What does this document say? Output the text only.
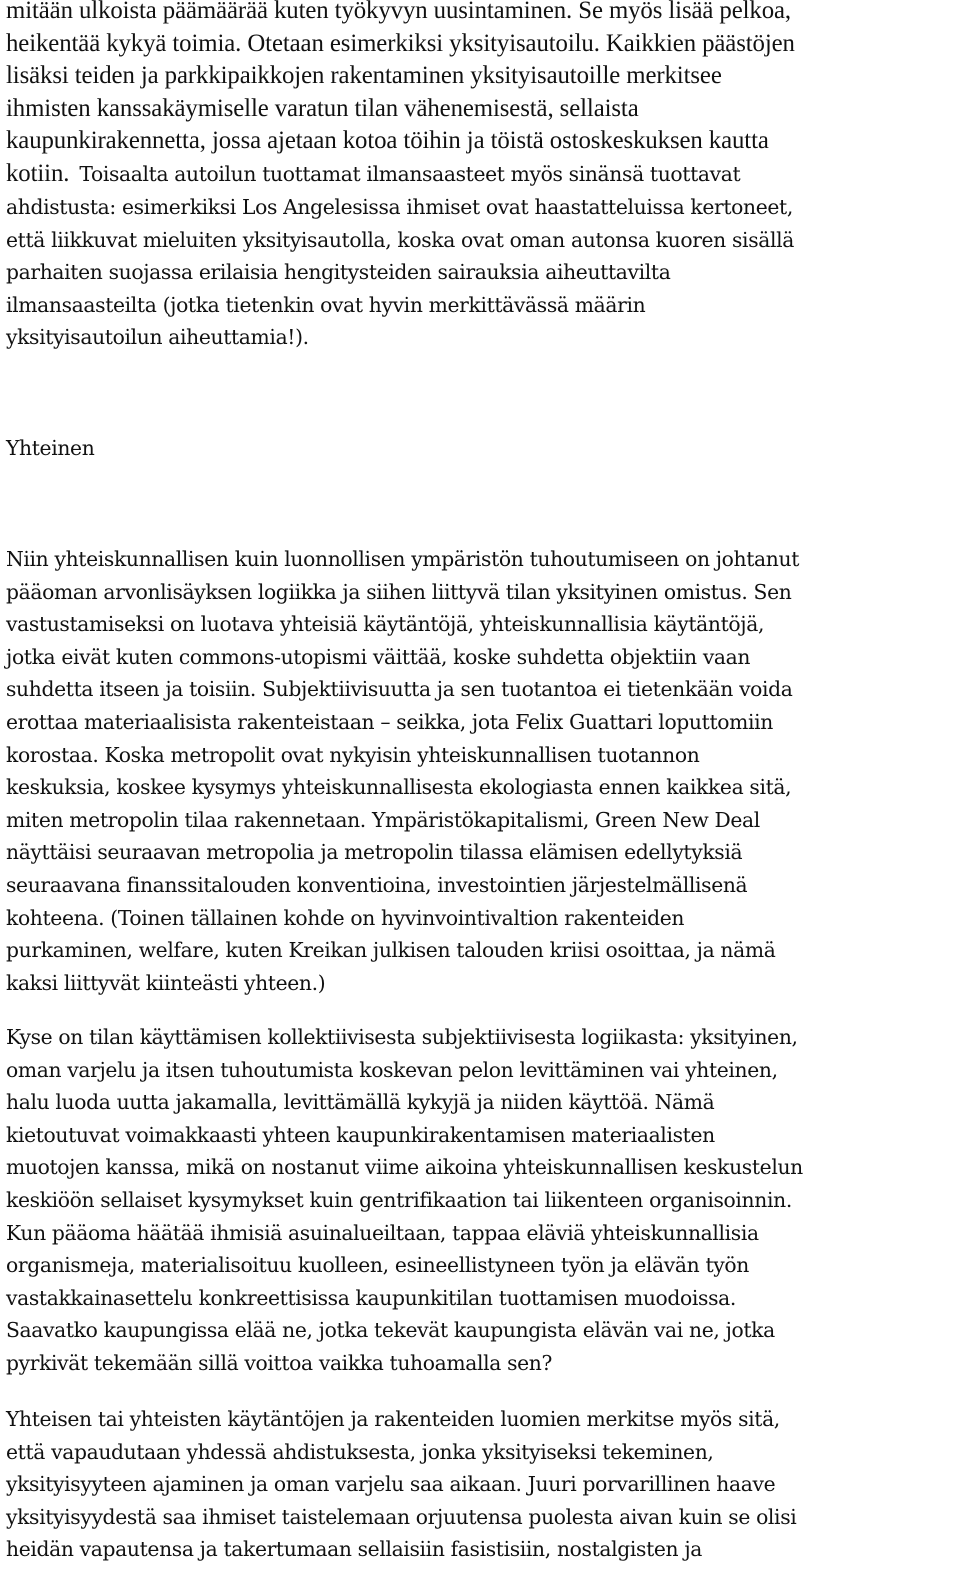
mitään ulkoista päämäärää kuten työkyvyn uusintaminen. Se myös lisää pelkoa,
heikentää kykyä toimia. Otetaan esimerkiksi yksityisautoilu. Kaikkien päästöjen
lisäksi teiden ja parkkipaikkojen rakentaminen yksityisautoille merkitsee
ihmisten kanssakäymiselle varatun tilan vähenemisestä, sellaista
kaupunkirakennetta, jossa ajetaan kotoa töihin ja töistä ostoskeskuksen kautta
kotiin. Toisaalta autoilun tuottamat ilmansaasteet myös sinänsä tuottavat
ahdistusta: esimerkiksi Los Angelesissa ihmiset ovat haastatteluissa kertoneet,
että liikkuvat mieluiten yksityisautolla, koska ovat oman autonsa kuoren sisällä
parhaiten suojassa erilaisia hengitysteiden sairauksia aiheuttavilta
ilmansaasteilta (jotka tietenkin ovat hyvin merkittävässä määrin
yksityisautoilun aiheuttamia!).
Yhteinen
Niin yhteiskunnallisen kuin luonnollisen ympäristön tuhoutumiseen on johtanut
pääoman arvonlisäyksen logiikka ja siihen liittyvä tilan yksityinen omistus. Sen
vastustamiseksi on luotava yhteisiä käytäntöjä, yhteiskunnallisia käytäntöjä,
jotka eivät kuten commons-utopismi väittää, koske suhdetta objektiin vaan
suhdetta itseen ja toisiin. Subjektiivisuutta ja sen tuotantoa ei tietenkään voida
erottaa materiaalisista rakenteistaan – seikka, jota Felix Guattari loputtomiin
korostaa. Koska metropolit ovat nykyisin yhteiskunnallisen tuotannon
keskuksia, koskee kysymys yhteiskunnallisesta ekologiasta ennen kaikkea sitä,
miten metropolin tilaa rakennetaan. Ympäristökapitalismi, Green New Deal
näyttäisi seuraavan metropolia ja metropolin tilassa elämisen edellytyksiä
seuraavana finanssitalouden konventioina, investointien järjestelmällisenä
kohteena. (Toinen tällainen kohde on hyvinvointivaltion rakenteiden
purkaminen, welfare, kuten Kreikan julkisen talouden kriisi osoittaa, ja nämä
kaksi liittyvät kiinteästi yhteen.)
Kyse on tilan käyttämisen kollektiivisesta subjektiivisesta logiikasta: yksityinen,
oman varjelu ja itsen tuhoutumista koskevan pelon levittäminen vai yhteinen,
halu luoda uutta jakamalla, levittämällä kykyjä ja niiden käyttöä. Nämä
kietoutuvat voimakkaasti yhteen kaupunkirakentamisen materiaalisten
muotojen kanssa, mikä on nostanut viime aikoina yhteiskunnallisen keskustelun
keskiöön sellaiset kysymykset kuin gentrifikaation tai liikenteen organisoinnin.
Kun pääoma häätää ihmisiä asuinalueiltaan, tappaa eläviä yhteiskunnallisia
organismeja, materialisoituu kuolleen, esineellistyneen työn ja elävän työn
vastakkainasettelu konkreettisissa kaupunkitilan tuottamisen muodoissa.
Saavatko kaupungissa elää ne, jotka tekevät kaupungista elävän vai ne, jotka
pyrkivät tekemään sillä voittoa vaikka tuhoamalla sen?
Yhteisen tai yhteisten käytäntöjen ja rakenteiden luomien merkitse myös sitä,
että vapaudutaan yhdessä ahdistuksesta, jonka yksityiseksi tekeminen,
yksityisyyteen ajaminen ja oman varjelu saa aikaan. Juuri porvarillinen haave
yksityisyydestä saa ihmiset taistelemaan orjuutensa puolesta aivan kuin se olisi
heidän vapautensa ja takertumaan sellaisiin fasistisiin, nostalgisten ja
